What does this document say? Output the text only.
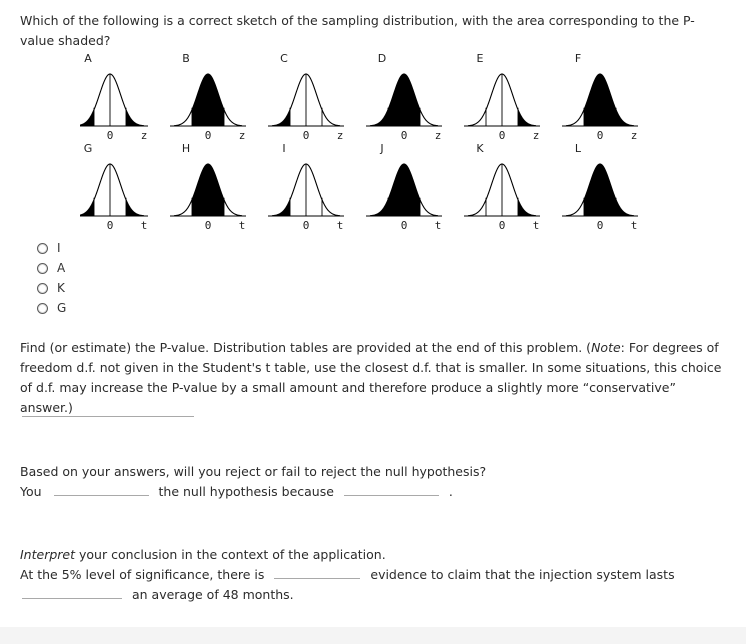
Which of the following is a correct sketch of the sampling distribution, with the area corresponding to the P-value shaded?
A
0 z
B
0 z
C
0 z
D
0 z
E
0 z
F
0 z
G
0 t
H
0 t
I
0 t
J
0 t
K
0 t
L
0 t
I
A
K
G
Find (or estimate) the P-value. Distribution tables are provided at the end of this problem. (Note: For degrees of freedom d.f. not given in the Student's t table, use the closest d.f. that is smaller. In some situations, this choice of d.f. may increase the P-value by a small amount and therefore produce a slightly more “conservative” answer.)
Based on your answers, will you reject or fail to reject the null hypothesis?
You	the null hypothesis because	.
Interpret your conclusion in the context of the application.
At the 5% level of significance, there is	evidence to claim that the injection system lasts
an average of 48 months.
